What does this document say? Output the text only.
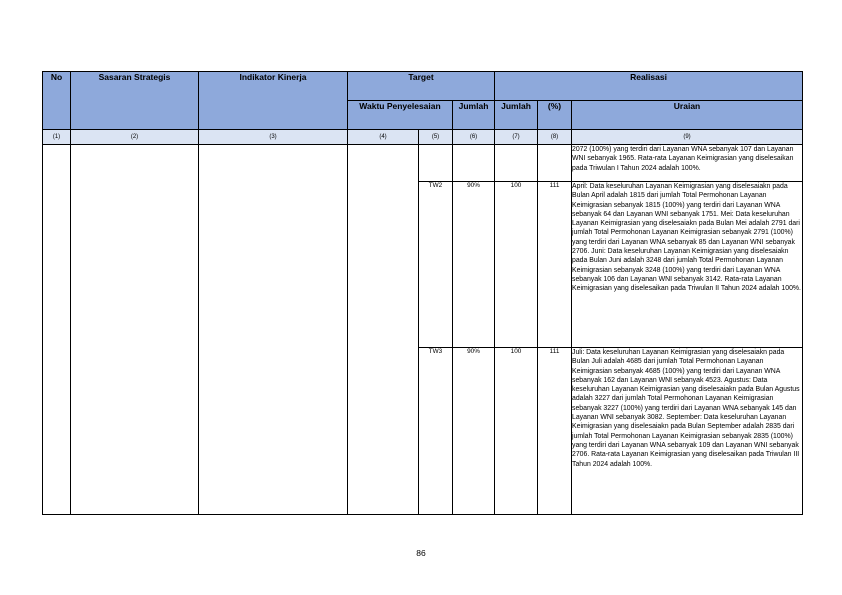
No	Sasaran Strategis	Indikator Kinerja	Target			Realisasi		
			Waktu Penyelesaian		Jumlah	Jumlah	(%)	Uraian
(1)	(2)	(3)	(4)	(5)	(6)	(7)	(8)	(9)
								2072 (100%) yang terdiri dari Layanan WNA sebanyak 107 dan Layanan WNI sebanyak 1965. Rata-rata Layanan Keimigrasian yang diselesaikan pada Triwulan I Tahun 2024 adalah 100%.
				TW2	90%	100	111	April: Data keseluruhan Layanan Keimigrasian yang diselesaiakn pada Bulan April adalah 1815 dari jumlah Total Permohonan Layanan Keimigrasian sebanyak 1815 (100%) yang terdiri dari Layanan WNA sebanyak 64 dan Layanan WNI sebanyak 1751. Mei: Data keseluruhan Layanan Keimigrasian yang diselesaiakn pada Bulan Mei adalah 2791 dari jumlah Total Permohonan Layanan Keimigrasian sebanyak 2791 (100%) yang terdiri dari Layanan WNA sebanyak 85 dan Layanan WNI sebanyak 2706. Juni: Data keseluruhan Layanan Keimigrasian yang diselesaiakn pada Bulan Juni adalah 3248 dari jumlah Total Permohonan Layanan Keimigrasian sebanyak 3248 (100%) yang terdiri dari Layanan WNA sebanyak 106 dan Layanan WNI sebanyak 3142. Rata-rata Layanan Keimigrasian yang diselesaikan pada Triwulan II Tahun 2024 adalah 100%.
				TW3	90%	100	111	Juli: Data keseluruhan Layanan Keimigrasian yang diselesaiakn pada Bulan Juli adalah 4685 dari jumlah Total Permohonan Layanan Keimigrasian sebanyak 4685 (100%) yang terdiri dari Layanan WNA sebanyak 162 dan Layanan WNI sebanyak 4523. Agustus: Data keseluruhan Layanan Keimigrasian yang diselesaiakn pada Bulan Agustus adalah 3227 dari jumlah Total Permohonan Layanan Keimigrasian sebanyak 3227 (100%) yang terdiri dari Layanan WNA sebanyak 145 dan Layanan WNI sebanyak 3082. September: Data keseluruhan Layanan Keimigrasian yang diselesaiakn pada Bulan September adalah 2835 dari jumlah Total Permohonan Layanan Keimigrasian sebanyak 2835 (100%) yang terdiri dari Layanan WNA sebanyak 109 dan Layanan WNI sebanyak 2706. Rata-rata Layanan Keimigrasian yang diselesaikan pada Triwulan III Tahun 2024 adalah 100%.
86
